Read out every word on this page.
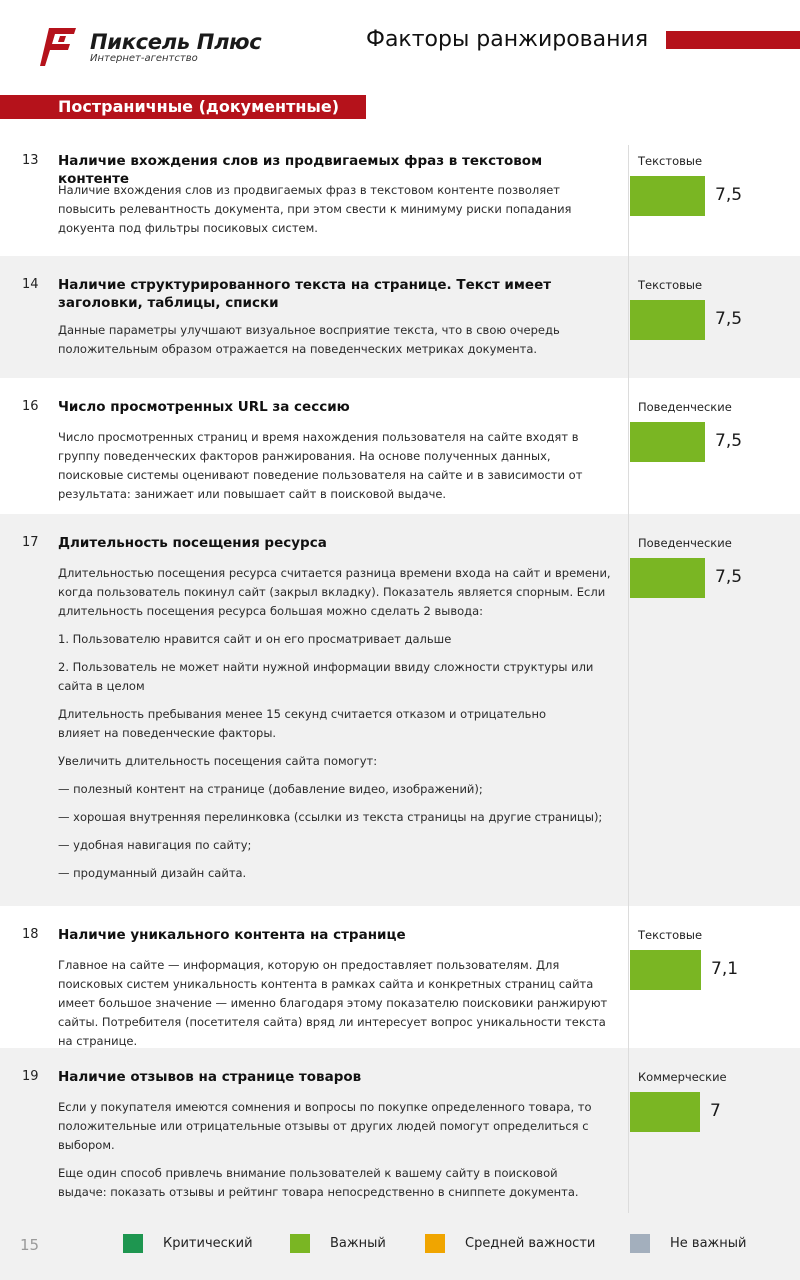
Пиксель Плюс
Интернет-агентство
Факторы ранжирования
Постраничные (документные)
13 Наличие вхождения слов из продвигаемых фраз в текстовом контенте

Наличие вхождения слов из продвигаемых фраз в текстовом контенте позволяет повысить релевантность документа, при этом свести к минимуму риски попадания докуента под фильтры посиковых систем.

Текстовые
7,5
14 Наличие структурированного текста на странице. Текст имеет заголовки, таблицы, списки

Данные параметры улучшают визуальное восприятие текста, что в свою очередь положительным образом отражается на поведенческих метриках документа.

Текстовые
7,5
16 Число просмотренных URL за сессию

Число просмотренных страниц и время нахождения пользователя на сайте входят в группу поведенческих факторов ранжирования. На основе полученных данных, поисковые системы оценивают поведение пользователя на сайте и в зависимости от результата: занижает или повышает сайт в поисковой выдаче.

Поведенческие
7,5
17 Длительность посещения ресурса

Длительностью посещения ресурса считается разница времени входа на сайт и времени, когда пользователь покинул сайт (закрыл вкладку). Показатель является спорным. Если длительность посещения ресурса большая можно сделать 2 вывода:

1. Пользователю нравится сайт и он его просматривает дальше

2. Пользователь не может найти нужной информации ввиду сложности структуры или сайта в целом

Длительность пребывания менее 15 секунд считается отказом и отрицательно влияет на поведенческие факторы.

Увеличить длительность посещения сайта помогут:

— полезный контент на странице (добавление видео, изображений);

— хорошая внутренняя перелинковка (ссылки из текста страницы на другие страницы);

— удобная навигация по сайту;

— продуманный дизайн сайта.

Поведенческие
7,5
18 Наличие уникального контента на странице

Главное на сайте — информация, которую он предоставляет пользователям. Для поисковых систем уникальность контента в рамках сайта и конкретных страниц сайта имеет большое значение — именно благодаря этому показателю поисковики ранжируют сайты. Потребителя (посетителя сайта) вряд ли интересует вопрос уникальности текста на странице.

Текстовые
7,1
19 Наличие отзывов на странице товаров

Если у покупателя имеются сомнения и вопросы по покупке определенного товара, то положительные или отрицательные отзывы от других людей помогут определиться с выбором.

Еще один способ привлечь внимание пользователей к вашему сайту в поисковой выдаче: показать отзывы и рейтинг товара непосредственно в сниппете документа.

Коммерческие
7
15	Критический	Важный	Средней важности	Не важный
